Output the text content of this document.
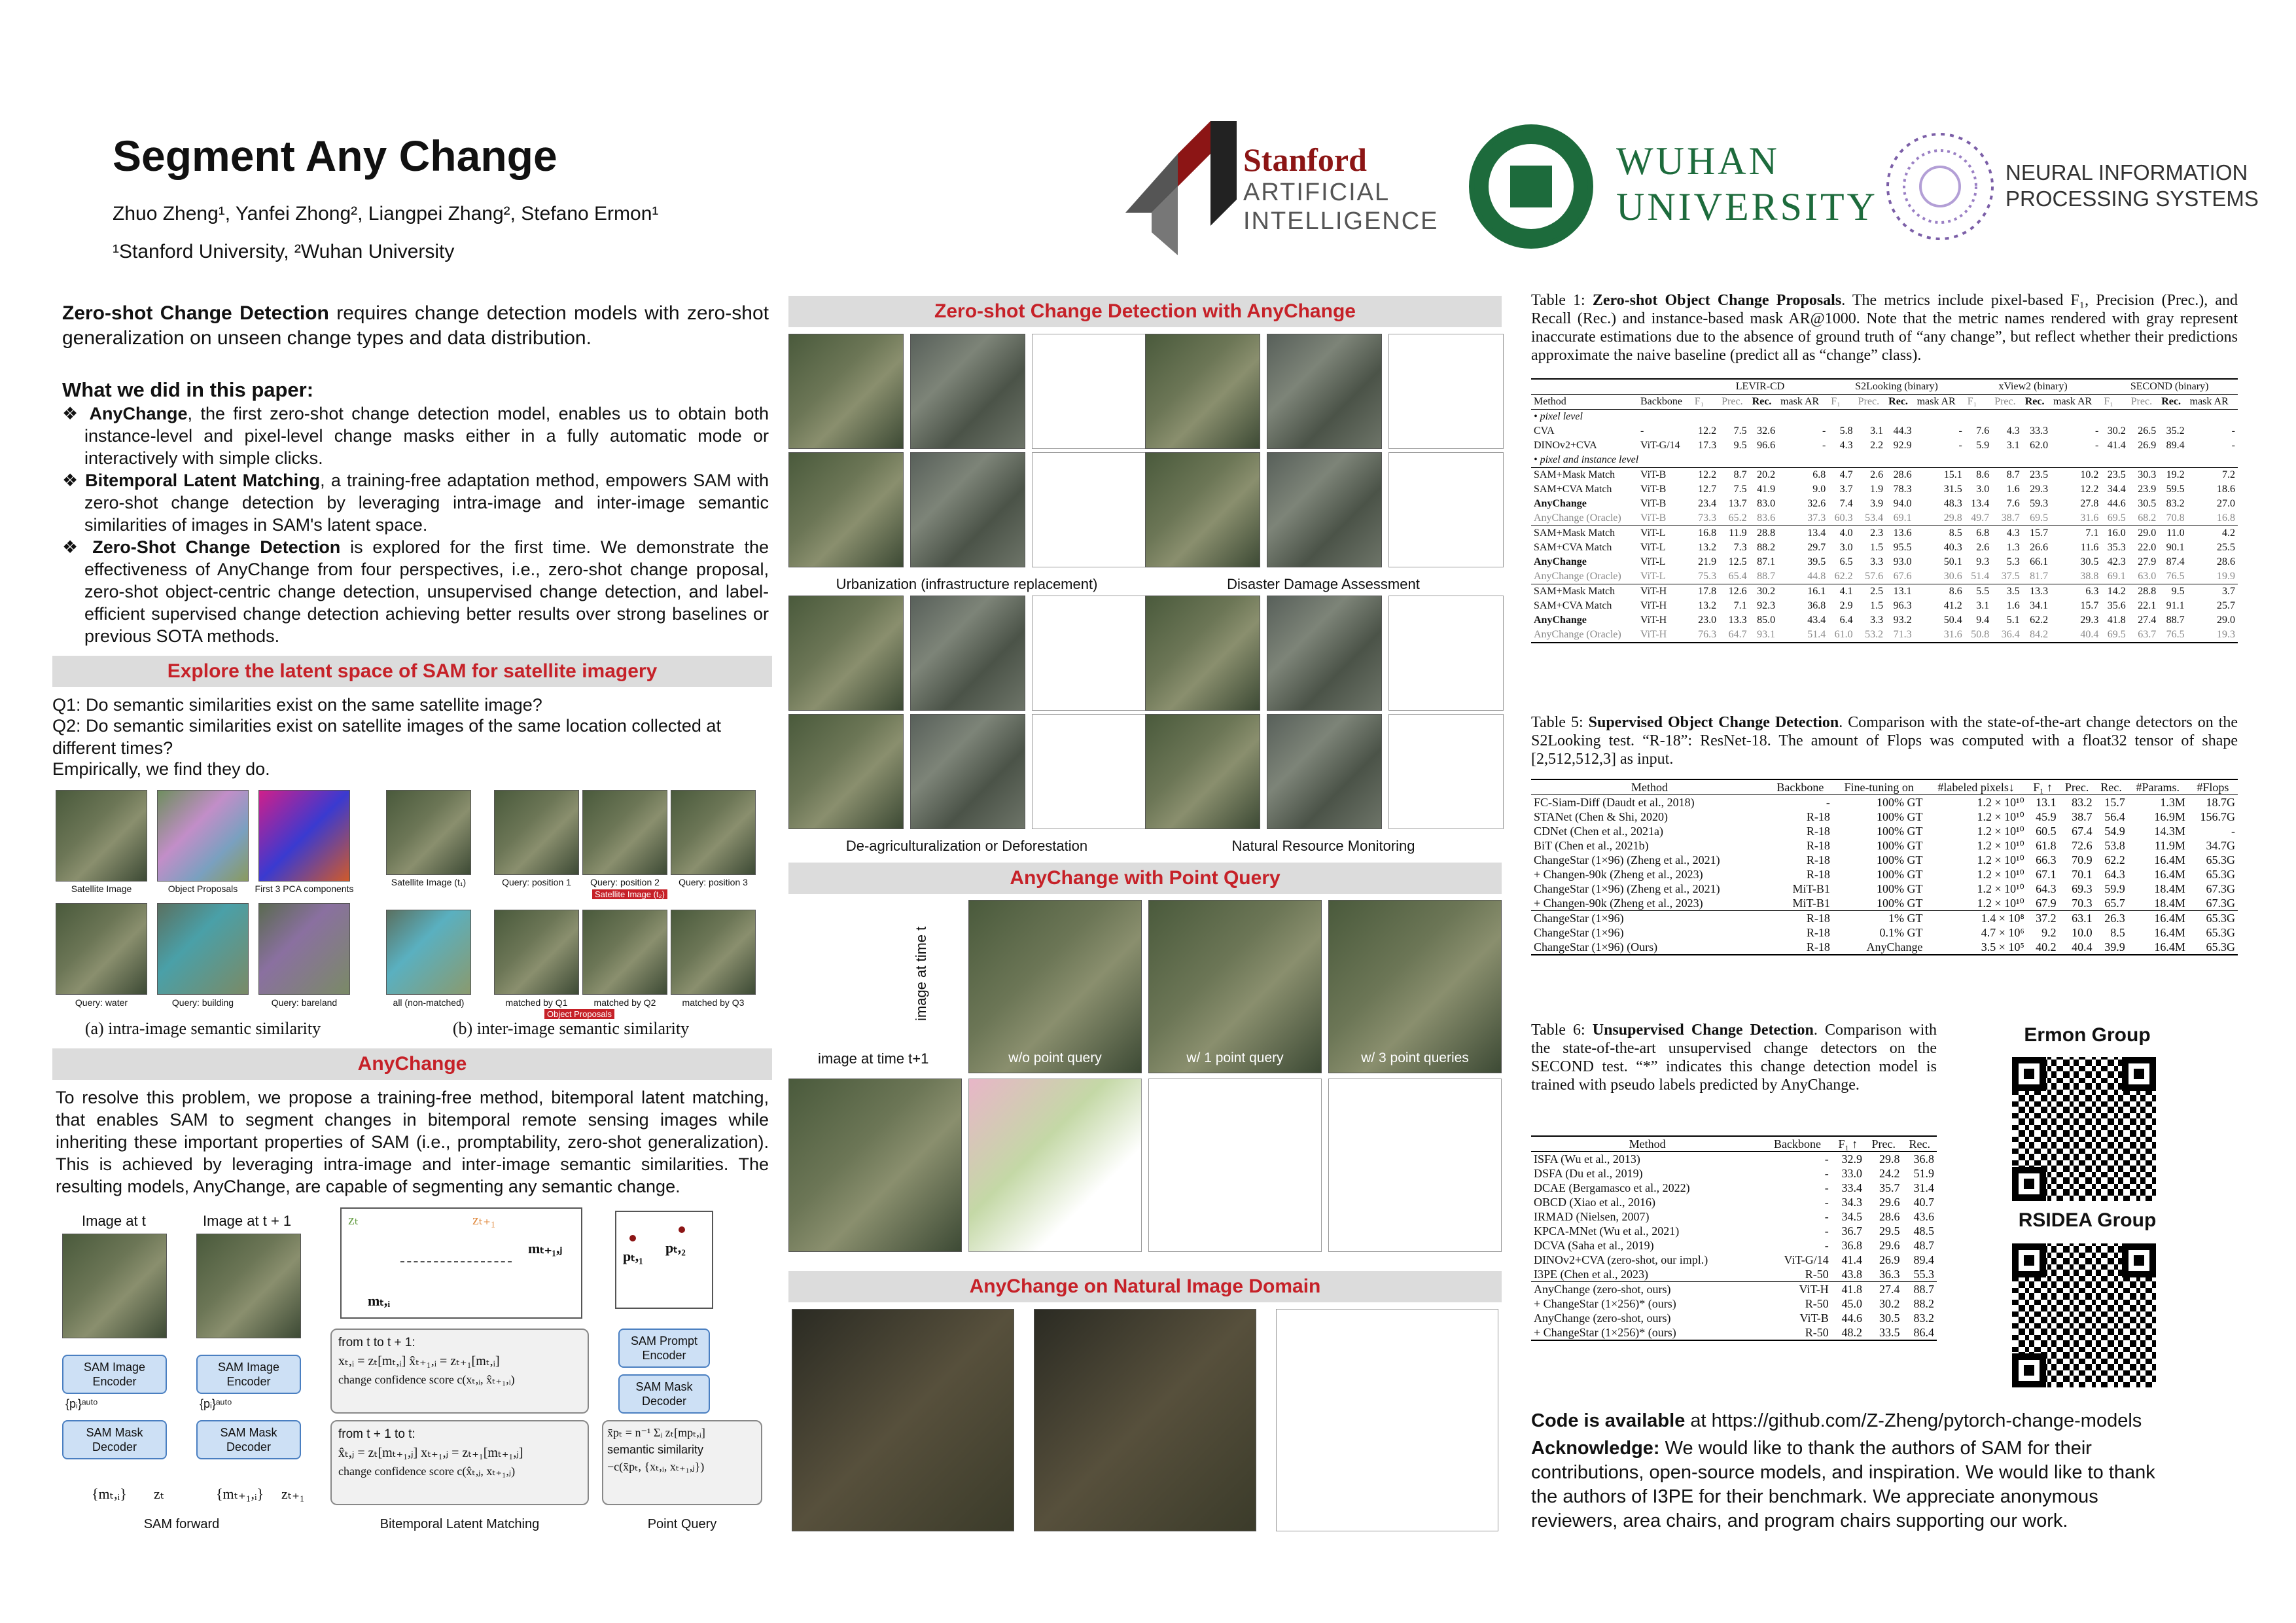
Segment Any Change
Zhuo Zheng¹, Yanfei Zhong², Liangpei Zhang², Stefano Ermon¹
¹Stanford University, ²Wuhan University
Stanford
ARTIFICIAL
INTELLIGENCE
WUHAN
UNIVERSITY
NEURAL INFORMATION
PROCESSING SYSTEMS
Zero-shot Change Detection requires change detection models with zero-shot generalization on unseen change types and data distribution.
What we did in this paper:
❖ AnyChange, the first zero-shot change detection model, enables us to obtain both instance-level and pixel-level change masks either in a fully automatic mode or interactively with simple clicks.
❖ Bitemporal Latent Matching, a training-free adaptation method, empowers SAM with zero-shot change detection by leveraging intra-image and inter-image semantic similarities of images in SAM's latent space.
❖ Zero-Shot Change Detection is explored for the first time. We demonstrate the effectiveness of AnyChange from four perspectives, i.e., zero-shot change proposal, zero-shot object-centric change detection, unsupervised change detection, and label-efficient supervised change detection achieving better results over strong baselines or previous SOTA methods.
Explore the latent space of SAM for satellite imagery
Q1: Do semantic similarities exist on the same satellite image?
Q2: Do semantic similarities exist on satellite images of the same location collected at different times?
Empirically, we find they do.
Satellite Image	Object Proposals	First 3 PCA components
Query: water	Query: building	Query: bareland
Satellite Image (t₁)	Query: position 1	Query: position 2	Query: position 3
Satellite Image (t₂)
all (non-matched)	matched by Q1	matched by Q2	matched by Q3
Object Proposals
(a) intra-image semantic similarity	(b) inter-image semantic similarity
AnyChange
To resolve this problem, we propose a training-free method, bitemporal latent matching, that enables SAM to segment changes in bitemporal remote sensing images while inheriting these important properties of SAM (i.e., promptability, zero-shot generalization). This is achieved by leveraging intra-image and inter-image semantic similarities. The resulting models, AnyChange, are capable of segmenting any semantic change.
Image at t	Image at t + 1
SAM Image Encoder
SAM Image Encoder
{pᵢ}ᵃᵘᵗᵒ	{pᵢ}ᵃᵘᵗᵒ
SAM Mask Decoder
SAM Mask Decoder
{mₜ,ᵢ} zₜ	{mₜ₊₁,ᵢ} zₜ₊₁
zₜ	zₜ₊₁
mₜ₊₁,ⱼ
mₜ,ᵢ
from t to t + 1:
xₜ,ᵢ = zₜ[mₜ,ᵢ] x̂ₜ₊₁,ᵢ = zₜ₊₁[mₜ,ᵢ]
change confidence score c(xₜ,ᵢ, x̂ₜ₊₁,ᵢ)
from t + 1 to t:
x̂ₜ,ⱼ = zₜ[mₜ₊₁,ⱼ] xₜ₊₁,ⱼ = zₜ₊₁[mₜ₊₁,ⱼ]
change confidence score c(x̂ₜ,ⱼ, xₜ₊₁,ⱼ)
pₜ,₁
pₜ,₂
SAM Prompt Encoder
SAM Mask Decoder
x̄pₜ = n⁻¹ Σᵢ zₜ[mpₜ,ᵢ]
semantic similarity
−c(x̄pₜ, {xₜ,ᵢ, xₜ₊₁,ⱼ})
SAM forward	Bitemporal Latent Matching	Point Query
Zero-shot Change Detection with AnyChange
Urbanization (infrastructure replacement)	Disaster Damage Assessment
De-agriculturalization or Deforestation	Natural Resource Monitoring
AnyChange with Point Query
image at time t
image at time t+1	w/o point query	w/ 1 point query	w/ 3 point queries
AnyChange on Natural Image Domain
Table 1: Zero-shot Object Change Proposals. The metrics include pixel-based F₁, Precision (Prec.), and Recall (Rec.) and instance-based mask AR@1000. Note that the metric names rendered with gray represent inaccurate estimations due to the absence of ground truth of “any change”, but reflect whether their predictions approximate the naive baseline (predict all as “change” class).
		LEVIR-CD				S2Looking (binary)				xView2 (binary)				SECOND (binary)			
Method	Backbone	F₁	Prec.	Rec.	mask AR	F₁	Prec.	Rec.	mask AR	F₁	Prec.	Rec.	mask AR	F₁	Prec.	Rec.	mask AR
• pixel level																	
CVA	-	12.2	7.5	32.6	-	5.8	3.1	44.3	-	7.6	4.3	33.3	-	30.2	26.5	35.2	-
DINOv2+CVA	ViT-G/14	17.3	9.5	96.6	-	4.3	2.2	92.9	-	5.9	3.1	62.0	-	41.4	26.9	89.4	-
• pixel and instance level																	
SAM+Mask Match	ViT-B	12.2	8.7	20.2	6.8	4.7	2.6	28.6	15.1	8.6	8.7	23.5	10.2	23.5	30.3	19.2	7.2
SAM+CVA Match	ViT-B	12.7	7.5	41.9	9.0	3.7	1.9	78.3	31.5	3.0	1.6	29.3	12.2	34.4	23.9	59.5	18.6
AnyChange	ViT-B	23.4	13.7	83.0	32.6	7.4	3.9	94.0	48.3	13.4	7.6	59.3	27.8	44.6	30.5	83.2	27.0
AnyChange (Oracle)	ViT-B	73.3	65.2	83.6	37.3	60.3	53.4	69.1	29.8	49.7	38.7	69.5	31.6	69.5	68.2	70.8	16.8
SAM+Mask Match	ViT-L	16.8	11.9	28.8	13.4	4.0	2.3	13.6	8.5	6.8	4.3	15.7	7.1	16.0	29.0	11.0	4.2
SAM+CVA Match	ViT-L	13.2	7.3	88.2	29.7	3.0	1.5	95.5	40.3	2.6	1.3	26.6	11.6	35.3	22.0	90.1	25.5
AnyChange	ViT-L	21.9	12.5	87.1	39.5	6.5	3.3	93.0	50.1	9.3	5.3	66.1	30.5	42.3	27.9	87.4	28.6
AnyChange (Oracle)	ViT-L	75.3	65.4	88.7	44.8	62.2	57.6	67.6	30.6	51.4	37.5	81.7	38.8	69.1	63.0	76.5	19.9
SAM+Mask Match	ViT-H	17.8	12.6	30.2	16.1	4.1	2.5	13.1	8.6	5.5	3.5	13.3	6.3	14.2	28.8	9.5	3.7
SAM+CVA Match	ViT-H	13.2	7.1	92.3	36.8	2.9	1.5	96.3	41.2	3.1	1.6	34.1	15.7	35.6	22.1	91.1	25.7
AnyChange	ViT-H	23.0	13.3	85.0	43.4	6.4	3.3	93.2	50.4	9.4	5.1	62.2	29.3	41.8	27.4	88.7	29.0
AnyChange (Oracle)	ViT-H	76.3	64.7	93.1	51.4	61.0	53.2	71.3	31.6	50.8	36.4	84.2	40.4	69.5	63.7	76.5	19.3
Table 5: Supervised Object Change Detection. Comparison with the state-of-the-art change detectors on the S2Looking test. “R-18”: ResNet-18. The amount of Flops was computed with a float32 tensor of shape [2,512,512,3] as input.
Method	Backbone	Fine-tuning on	#labeled pixels↓	F₁ ↑	Prec.	Rec.	#Params.	#Flops
FC-Siam-Diff (Daudt et al., 2018)	-	100% GT	1.2 × 10¹⁰	13.1	83.2	15.7	1.3M	18.7G
STANet (Chen & Shi, 2020)	R-18	100% GT	1.2 × 10¹⁰	45.9	38.7	56.4	16.9M	156.7G
CDNet (Chen et al., 2021a)	R-18	100% GT	1.2 × 10¹⁰	60.5	67.4	54.9	14.3M	-
BiT (Chen et al., 2021b)	R-18	100% GT	1.2 × 10¹⁰	61.8	72.6	53.8	11.9M	34.7G
ChangeStar (1×96) (Zheng et al., 2021)	R-18	100% GT	1.2 × 10¹⁰	66.3	70.9	62.2	16.4M	65.3G
+ Changen-90k (Zheng et al., 2023)	R-18	100% GT	1.2 × 10¹⁰	67.1	70.1	64.3	16.4M	65.3G
ChangeStar (1×96) (Zheng et al., 2021)	MiT-B1	100% GT	1.2 × 10¹⁰	64.3	69.3	59.9	18.4M	67.3G
+ Changen-90k (Zheng et al., 2023)	MiT-B1	100% GT	1.2 × 10¹⁰	67.9	70.3	65.7	18.4M	67.3G
ChangeStar (1×96)	R-18	1% GT	1.4 × 10⁸	37.2	63.1	26.3	16.4M	65.3G
ChangeStar (1×96)	R-18	0.1% GT	4.7 × 10⁶	9.2	10.0	8.5	16.4M	65.3G
ChangeStar (1×96) (Ours)	R-18	AnyChange	3.5 × 10⁵	40.2	40.4	39.9	16.4M	65.3G
Table 6: Unsupervised Change Detection. Comparison with the state-of-the-art unsupervised change detectors on the SECOND test. “*” indicates this change detection model is trained with pseudo labels predicted by AnyChange.
Method	Backbone	F₁ ↑	Prec.	Rec.
ISFA (Wu et al., 2013)	-	32.9	29.8	36.8
DSFA (Du et al., 2019)	-	33.0	24.2	51.9
DCAE (Bergamasco et al., 2022)	-	33.4	35.7	31.4
OBCD (Xiao et al., 2016)	-	34.3	29.6	40.7
IRMAD (Nielsen, 2007)	-	34.5	28.6	43.6
KPCA-MNet (Wu et al., 2021)	-	36.7	29.5	48.5
DCVA (Saha et al., 2019)	-	36.8	29.6	48.7
DINOv2+CVA (zero-shot, our impl.)	ViT-G/14	41.4	26.9	89.4
I3PE (Chen et al., 2023)	R-50	43.8	36.3	55.3
AnyChange (zero-shot, ours)	ViT-H	41.8	27.4	88.7
+ ChangeStar (1×256)* (ours)	R-50	45.0	30.2	88.2
AnyChange (zero-shot, ours)	ViT-B	44.6	30.5	83.2
+ ChangeStar (1×256)* (ours)	R-50	48.2	33.5	86.4
Ermon Group
RSIDEA Group
Code is available at https://github.com/Z-Zheng/pytorch-change-models
Acknowledge: We would like to thank the authors of SAM for their contributions, open-source models, and inspiration. We would like to thank the authors of I3PE for their benchmark. We appreciate anonymous reviewers, area chairs, and program chairs supporting our work.
